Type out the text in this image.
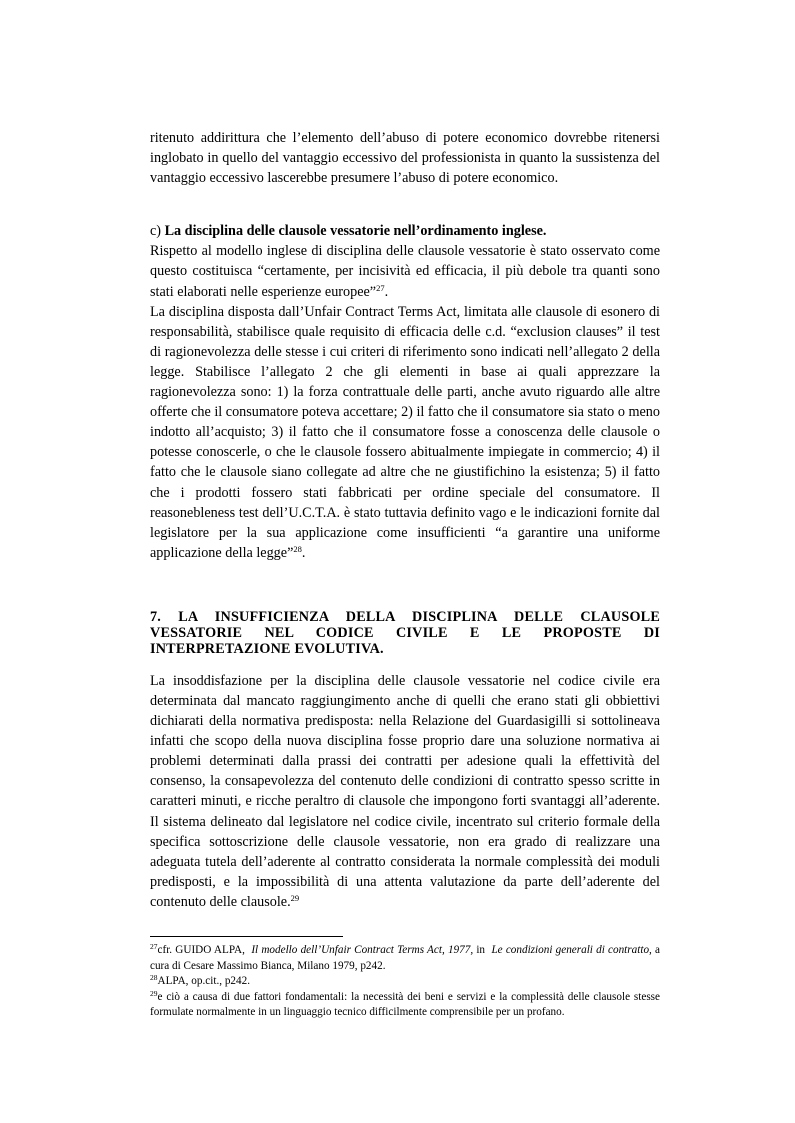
ritenuto addirittura che l’elemento dell’abuso di potere economico dovrebbe ritenersi inglobato in quello del vantaggio eccessivo del professionista in quanto la sussistenza del vantaggio eccessivo lascerebbe presumere l’abuso di potere economico.

c) La disciplina delle clausole vessatorie nell’ordinamento inglese.

Rispetto al modello inglese di disciplina delle clausole vessatorie è stato osservato come questo costituisca “certamente, per incisività ed efficacia, il più debole tra quanti sono stati elaborati nelle esperienze europee”$^{27}$.

La disciplina disposta dall’Unfair Contract Terms Act, limitata alle clausole di esonero di responsabilità, stabilisce quale requisito di efficacia delle c.d. “exclusion clauses” il test di ragionevolezza delle stesse i cui criteri di riferimento sono indicati nell’allegato 2 della legge. Stabilisce l’allegato 2 che gli elementi in base ai quali apprezzare la ragionevolezza sono: 1) la forza contrattuale delle parti, anche avuto riguardo alle altre offerte che il consumatore poteva accettare; 2) il fatto che il consumatore sia stato o meno indotto all’acquisto; 3) il fatto che il consumatore fosse a conoscenza delle clausole o potesse conoscerle, o che le clausole fossero abitualmente impiegate in commercio; 4) il fatto che le clausole siano collegate ad altre che ne giustifichino la esistenza; 5) il fatto che i prodotti fossero stati fabbricati per ordine speciale del consumatore. Il reasonebleness test dell’U.C.T.A. è stato tuttavia definito vago e le indicazioni fornite dal legislatore per la sua applicazione come insufficienti “a garantire una uniforme applicazione della legge”$^{28}$.

7. LA INSUFFICIENZA DELLA DISCIPLINA DELLE CLAUSOLE VESSATORIE NEL CODICE CIVILE E LE PROPOSTE DI INTERPRETAZIONE EVOLUTIVA.

La insoddisfazione per la disciplina delle clausole vessatorie nel codice civile era determinata dal mancato raggiungimento anche di quelli che erano stati gli obbiettivi dichiarati della normativa predisposta: nella Relazione del Guardasigilli si sottolineava infatti che scopo della nuova disciplina fosse proprio dare una soluzione normativa ai problemi determinati dalla prassi dei contratti per adesione quali la effettività del consenso, la consapevolezza del contenuto delle condizioni di contratto spesso scritte in caratteri minuti, e ricche peraltro di clausole che impongono forti svantaggi all’aderente. Il sistema delineato dal legislatore nel codice civile, incentrato sul criterio formale della specifica sottoscrizione delle clausole vessatorie, non era grado di realizzare una adeguata tutela dell’aderente al contratto considerata la normale complessità dei moduli predisposti, e la impossibilità di una attenta valutazione da parte dell’aderente del contenuto delle clausole.$^{29}$

$^{27}$cfr. GUIDO ALPA, Il modello dell’Unfair Contract Terms Act, 1977, in Le condizioni generali di contratto, a cura di Cesare Massimo Bianca, Milano 1979, p242.

$^{28}$ALPA, op.cit., p242.

$^{29}$e ciò a causa di due fattori fondamentali: la necessità dei beni e servizi e la complessità delle clausole stesse formulate normalmente in un linguaggio tecnico difficilmente comprensibile per un profano.
